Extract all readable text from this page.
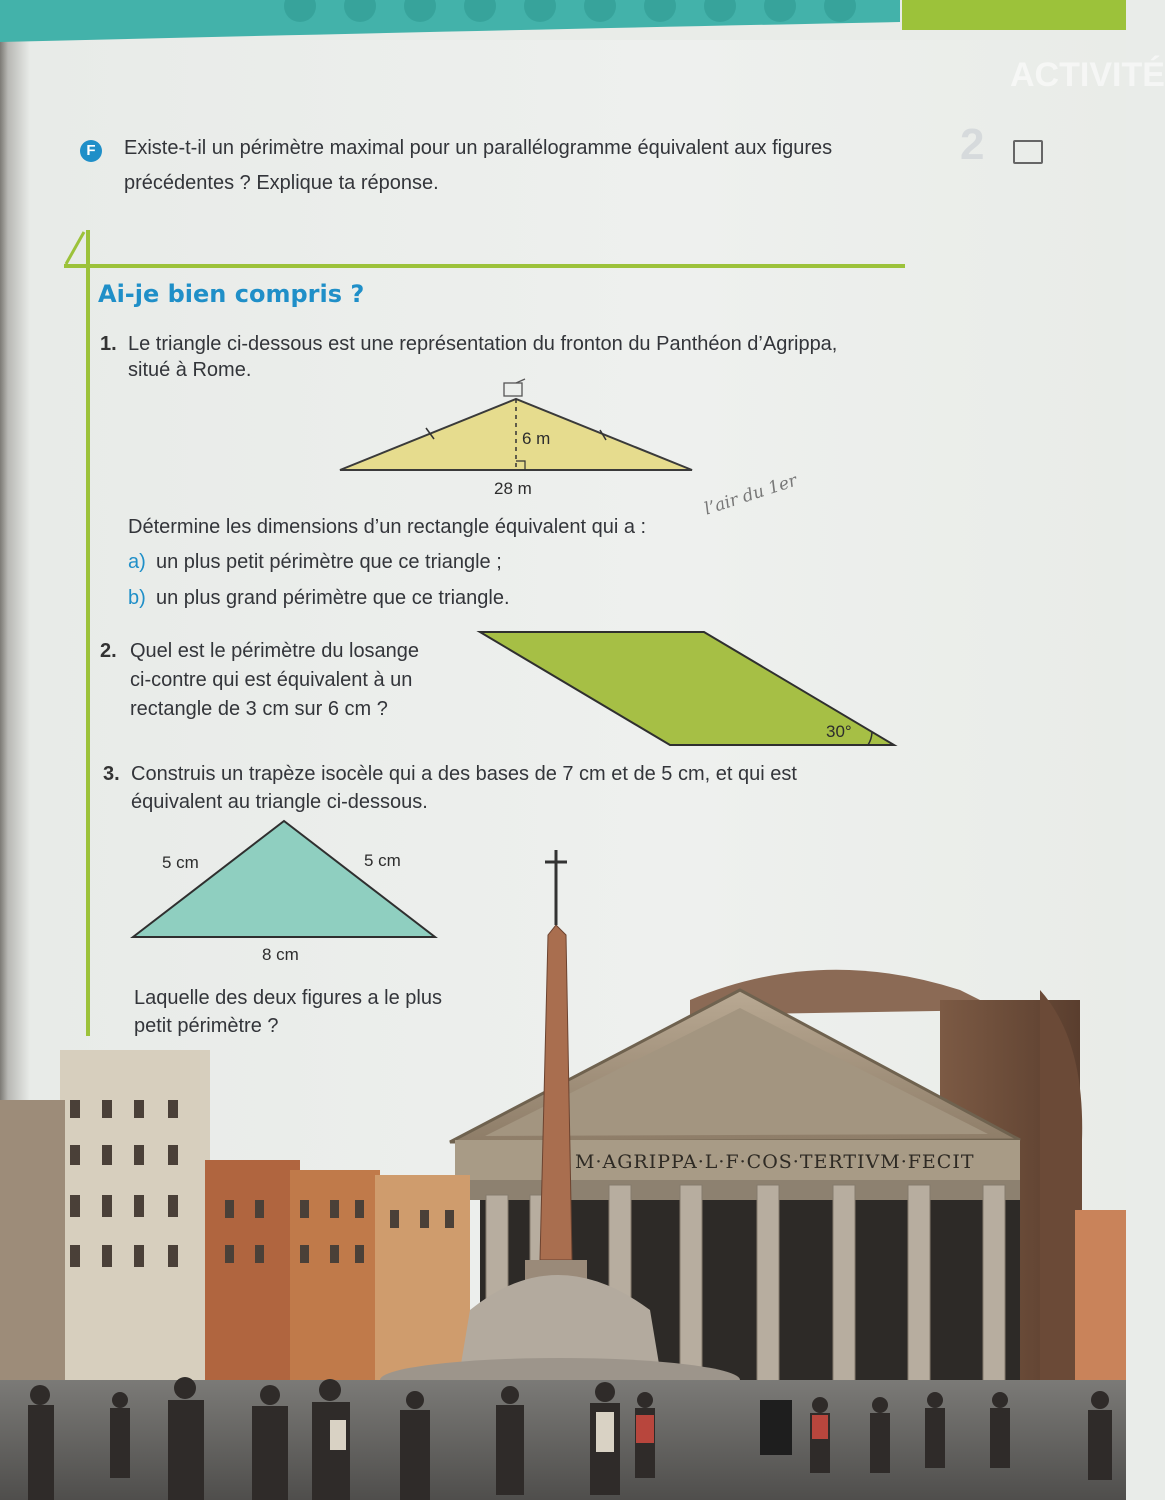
ACTIVITÉ
2
F	Existe-t-il un périmètre maximal pour un parallélogramme équivalent aux figures
précédentes ? Explique ta réponse.
Ai-je bien compris ?
1. Le triangle ci-dessous est une représentation du fronton du Panthéon d’Agrippa,
situé à Rome.
6 m
28 m	l’air du 1er
Détermine les dimensions d’un rectangle équivalent qui a :
a) un plus petit périmètre que ce triangle ;
b) un plus grand périmètre que ce triangle.
2. Quel est le périmètre du losange
ci-contre qui est équivalent à un
rectangle de 3 cm sur 6 cm ?
30°
3. Construis un trapèze isocèle qui a des bases de 7 cm et de 5 cm, et qui est
équivalent au triangle ci-dessous.
5 cm	5 cm
8 cm
Laquelle des deux figures a le plus
petit périmètre ?
M·AGRIPPA·L·F·COS·TERTIVM·FECIT
